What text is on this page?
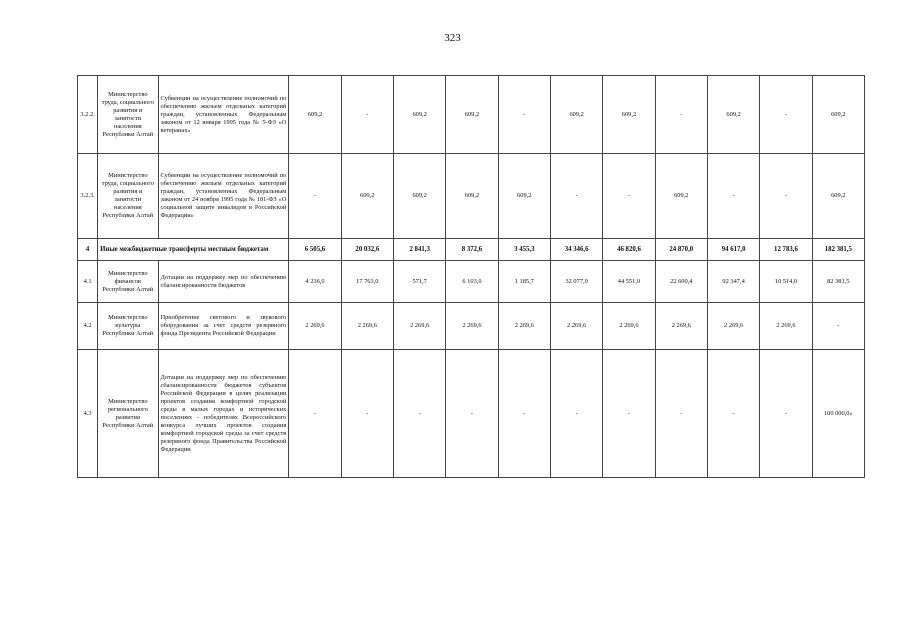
323
3.2.2.	Министерство труда, социального развития и занятости населения Республики Алтай	Субвенции на осуществление полномочий по обеспечению жильем отдельных категорий граждан, установленных Федеральным законом от 12 января 1995 года № 5-ФЗ «О ветеранах»	609,2	-	609,2	609,2	-	609,2	609,2	-	609,2	-	609,2
3.2.3.	Министерство труда, социального развития и занятости населения Республики Алтай	Субвенции на осуществление полномочий по обеспечению жильем отдельных категорий граждан, установленных Федеральным законом от 24 ноября 1995 года № 181-ФЗ «О социальной защите инвалидов в Российской Федерации»	-	609,2	609,2	609,2	609,2	-	-	609,2	-	-	609,2
4	Иные межбюджетные трансферты местным бюджетам		6 505,6	20 032,6	2 841,3	8 372,6	3 455,3	34 346,6	46 820,6	24 870,0	94 617,0	12 783,6	182 381,5
4.1	Министерство финансов Республики Алтай	Дотации на поддержку мер по обеспечению сбалансированности бюджетов	4 236,0	17 763,0	571,7	6 103,0	1 185,7	32 077,0	44 551,0	22 600,4	92 347,4	10 514,0	82 381,5
4.2	Министерство культуры Республики Алтай	Приобретение светового и звукового оборудования за счет средств резервного фонда Президента Российской Федерации	2 269,6	2 269,6	2 269,6	2 269,6	2 269,6	2 269,6	2 269,6	2 269,6	2 269,6	2 269,6	-
4.3	Министерство регионального развития Республики Алтай	Дотации на поддержку мер по обеспечению сбалансированности бюджетов субъектов Российской Федерации в целях реализации проектов создания комфортной городской среды в малых городах и исторических поселениях - победителях Всероссийского конкурса лучших проектов создания комфортной городской среды за счет средств резервного фонда Правительства Российской Федерации	-	-	-	-	-	-	-	-	-	-	100 000,0»
